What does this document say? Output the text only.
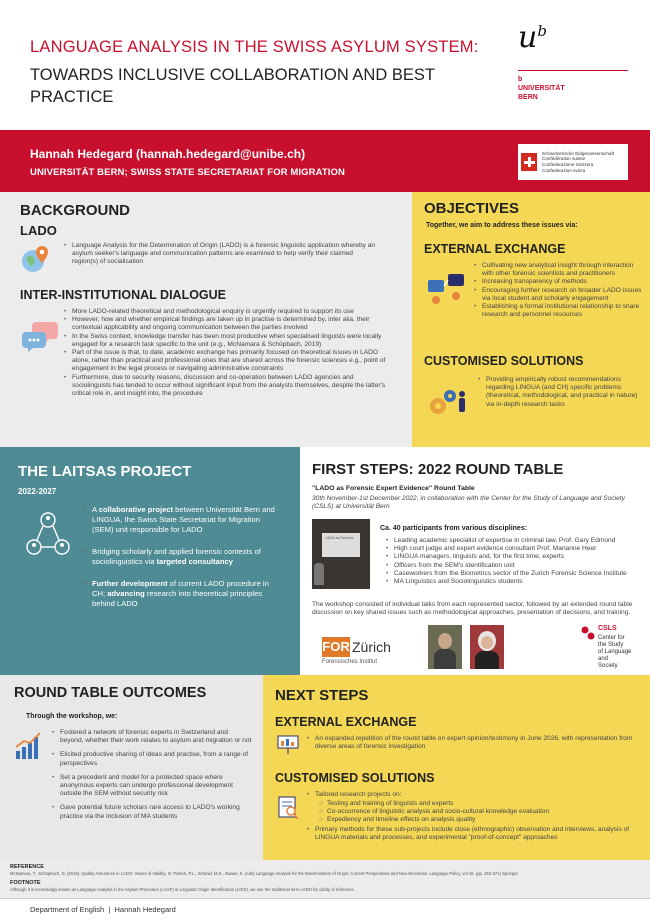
LANGUAGE ANALYSIS IN THE SWISS ASYLUM SYSTEM:
TOWARDS INCLUSIVE COLLABORATION AND BEST PRACTICE
$u^b$
b
UNIVERSITÄT
BERN
Hannah Hedegard (hannah.hedegard@unibe.ch)
UNIVERSITÄT BERN; SWISS STATE SECRETARIAT FOR MIGRATION
Schweizerische Eidgenossenschaft
Confédération suisse
Confederazione Svizzera
Confederaziun svizra
BACKGROUND
LADO
• Language Analysis for the Determination of Origin (LADO) is a forensic linguistic application whereby an asylum seeker's language and communication patterns are examined to help verify their claimed region(s) of socialisation
INTER-INSTITUTIONAL DIALOGUE
• More LADO-related theoretical and methodological enquiry is urgently required to support its use
• However, how and whether empirical findings are taken up in practise is determined by, inter alia, their contextual applicability and ongoing communication between the parties involved
• In the Swiss context, knowledge transfer has been most productive when specialised linguists were locally engaged for a research task specific to the unit (e.g., McNamara & Schüpbach, 2019)
• Part of the issue is that, to date, academic exchange has primarily focused on theoretical issues in LADO alone, rather than practical and professional ones that are shared across the forensic sciences e.g., point of engagement in the legal process or navigating administrative constraints
• Furthermore, due to security reasons, discussion and co-operation between LADO agencies and sociolinguists has tended to occur without significant input from the analysts themselves, despite the latter's critical role in, and insight into, the procedure
OBJECTIVES
Together, we aim to address these issues via:
EXTERNAL EXCHANGE
• Cultivating new analytical insight through interaction with other forensic scientists and practitioners
• Increasing transparency of methods
• Encouraging further research on broader LADO issues via local student and scholarly engagement
• Establishing a formal institutional relationship to share research and personnel resources
CUSTOMISED SOLUTIONS
• Providing empirically robust recommendations regarding LINGUA (and CH) specific problems (theoretical, methodological, and practical in nature) via in-depth research tasks
THE LAITSAS PROJECT
2022-2027
• A collaborative project between Universität Bern and LINGUA, the Swiss State Secretariat for Migration (SEM) unit responsible for LADO
• Bridging scholarly and applied forensic contexts of sociolinguistics via targeted consultancy
• Further development of current LADO procedure in CH; advancing research into theoretical principles behind LADO
FIRST STEPS: 2022 ROUND TABLE
"LADO as Forensic Expert Evidence" Round Table
30th November-1st December 2022, in collaboration with the Center for the Study of Language and Society (CSLS) at Universität Bern
LADO as Forensic
Ca. 40 participants from various disciplines:
• Leading academic specialist of expertise in criminal law, Prof. Gary Edmond
• High court judge and expert evidence consultant Prof. Marianne Heer
• LINGUA managers, linguists and, for the first time, experts
• Officers from the SEM's Identification unit
• Caseworkers from the Biometrics sector of the Zurich Forensic Science Institute
• MA Linguistics and Sociolinguistics students
The workshop consisted of individual talks from each represented sector, followed by an extended round table discussion on key shared issues such as methodological approaches, presentation of decisions, and training.
FOR Zürich
Forensisches Institut
CSLS
Center for
the Study
of Language
and
Society
ROUND TABLE OUTCOMES
Through the workshop, we:
• Fostered a network of forensic experts in Switzerland and beyond, whether their work relates to asylum and migration or not
• Elicited productive sharing of ideas and practise, from a range of perspectives
• Set a precedent and model for a protected space where anonymous experts can undergo professional development outside the SEM without security risk
• Gave potential future scholars rare access to LADO's working practice via the inclusion of MA students
NEXT STEPS
EXTERNAL EXCHANGE
• An expanded repetition of the round table on expert opinion/testimony in June 2026, with representation from diverse areas of forensic investigation
CUSTOMISED SOLUTIONS
• Tailored research projects on:
○ Testing and training of linguists and experts
○ Co-occurrence of linguistic analysis and socio-cultural knowledge evaluation
○ Expediency and timeline effects on analysis quality
• Primary methods for these sub-projects include close (ethnographic) observation and interviews, analysis of LINGUA materials and processes, and experimental "proof-of-concept" approaches
REFERENCE
McNamara, T., Schüpbach, D. (2019). Quality Assurance in LADO: Issues of Validity. In: Patrick, P.L., Schmid, M.S., Zwaan, K. (eds) Language Analysis for the Determination of Origin: Current Perspectives and New Directions. Language Policy, vol 16. (pp. 253-271) Springer.
FOOTNOTE
Although it is increasingly known as Language Analysis in the Asylum Procedure (LAAP) or Linguistic Origin Identification (LOID), we use the traditional term LADO for clarity of reference.
Department of English  |  Hannah Hedegard
